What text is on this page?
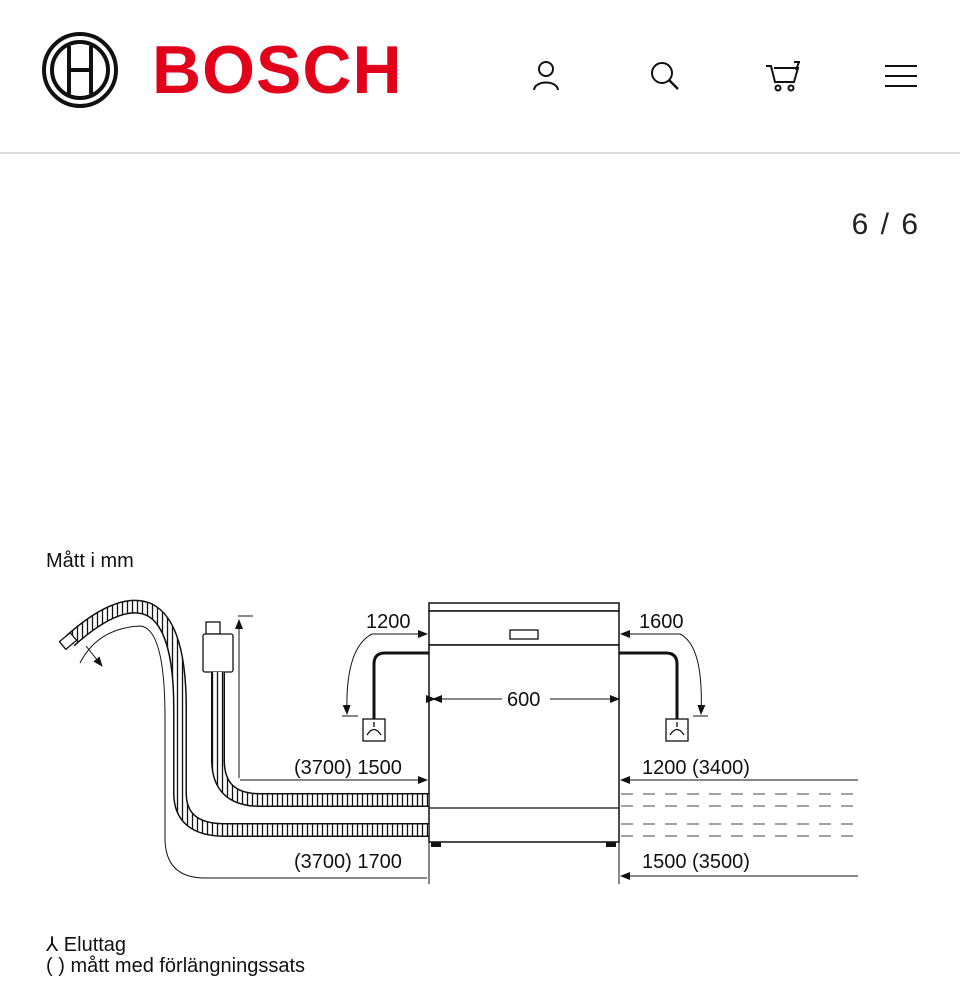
BOSCH
6 / 6
Mått i mm
1200	1600
600
(3700) 1500	1200 (3400)
(3700) 1700	1500 (3500)
⅄ Eluttag
( ) mått med förlängningssats
